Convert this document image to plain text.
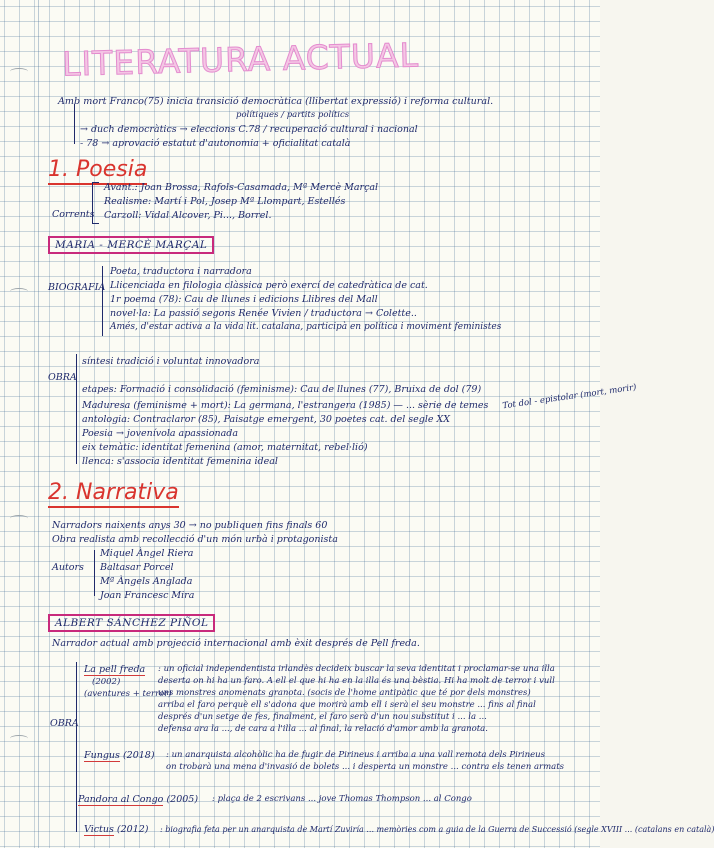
LITERATURA ACTUAL
Amb mort Franco(75) inicia transició democràtica (llibertat expressió) i reforma cultural.
polítiques / partits polítics
→ duch democràtics → eleccions C.78 / recuperació cultural i nacional
- 78 → aprovació estatut d'autonomia + oficialitat català
1. Poesia
Corrents
Avant.: Joan Brossa, Rafols-Casamada, Mª Mercè Marçal
Realisme: Martí i Pol, Josep Mª Llompart, Estellés
Carzoll: Vidal Alcover, Pi..., Borrel.
MARIA - MERCÈ MARÇAL
BIOGRAFIA
Poeta, traductora i narradora
Llicenciada en filologia clàssica però exercí de catedràtica de cat.
1r poema (78): Cau de llunes i edicions Llibres del Mall
novel·la: La passió segons Renée Vivien / traductora → Colette..
Amés, d'estar activa a la vida lit. catalana, participà en política i moviment feministes
OBRA
síntesi tradició i voluntat innovadora
etapes: Formació i consolidació (feminisme): Cau de llunes (77), Bruixa de dol (79)
Maduresa (feminisme + mort): La germana, l'estrangera (1985) — ... sèrie de temes
antologia: Contraclaror (85), Paisatge emergent, 30 poetes cat. del segle XX
Poesia → jovenívola apassionada
eix temàtic: identitat femenina (amor, maternitat, rebel·lió)
llenca: s'associa identitat femenina ideal
Tot dol - epistolar (mort, morir)
2. Narrativa
Narradors naixents anys 30 → no publiquen fins finals 60
Obra realista amb recollecció d'un món urbà i protagonista
Autors
Miquel Àngel Riera
Baltasar Porcel
Mª Àngels Anglada
Joan Francesc Mira
ALBERT SÁNCHEZ PIÑOL
Narrador actual amb projecció internacional amb èxit després de Pell freda.
OBRA
La pell freda
(2002)
(aventures + terror)
: un oficial independentista irlandès decideix buscar la seva identitat i proclamar-se una illa
deserta on hi ha un faro. A ell el que hi ha en la illa és una bèstia. Hi ha molt de terror i vull
uns monstres anomenats granota. (socis de l'home antipàtic que té por dels monstres)
arriba el faro perquè ell s'adona que morirà amb ell i serà el seu monstre ... fins al final
després d'un setge de fes, finalment, el faro serà d'un nou substitut i ... la ...
defensa ara la ..., de cara a l'illa ... al final, la relació d'amor amb la granota.
Fungus (2018) : un anarquista alcohòlic ha de fugir de Pirineus i arriba a una vall remota dels Pirineus
on trobarà una mena d'invasió de bolets ... i desperta un monstre ... contra els tenen armats
Pandora al Congo (2005) : plaça de 2 escrivans ... jove Thomas Thompson ... al Congo
Victus (2012) : biografia feta per un anarquista de Martí Zuviría ... memòries com a guia de la Guerra de Successió (segle XVIII ... (catalans en català)
